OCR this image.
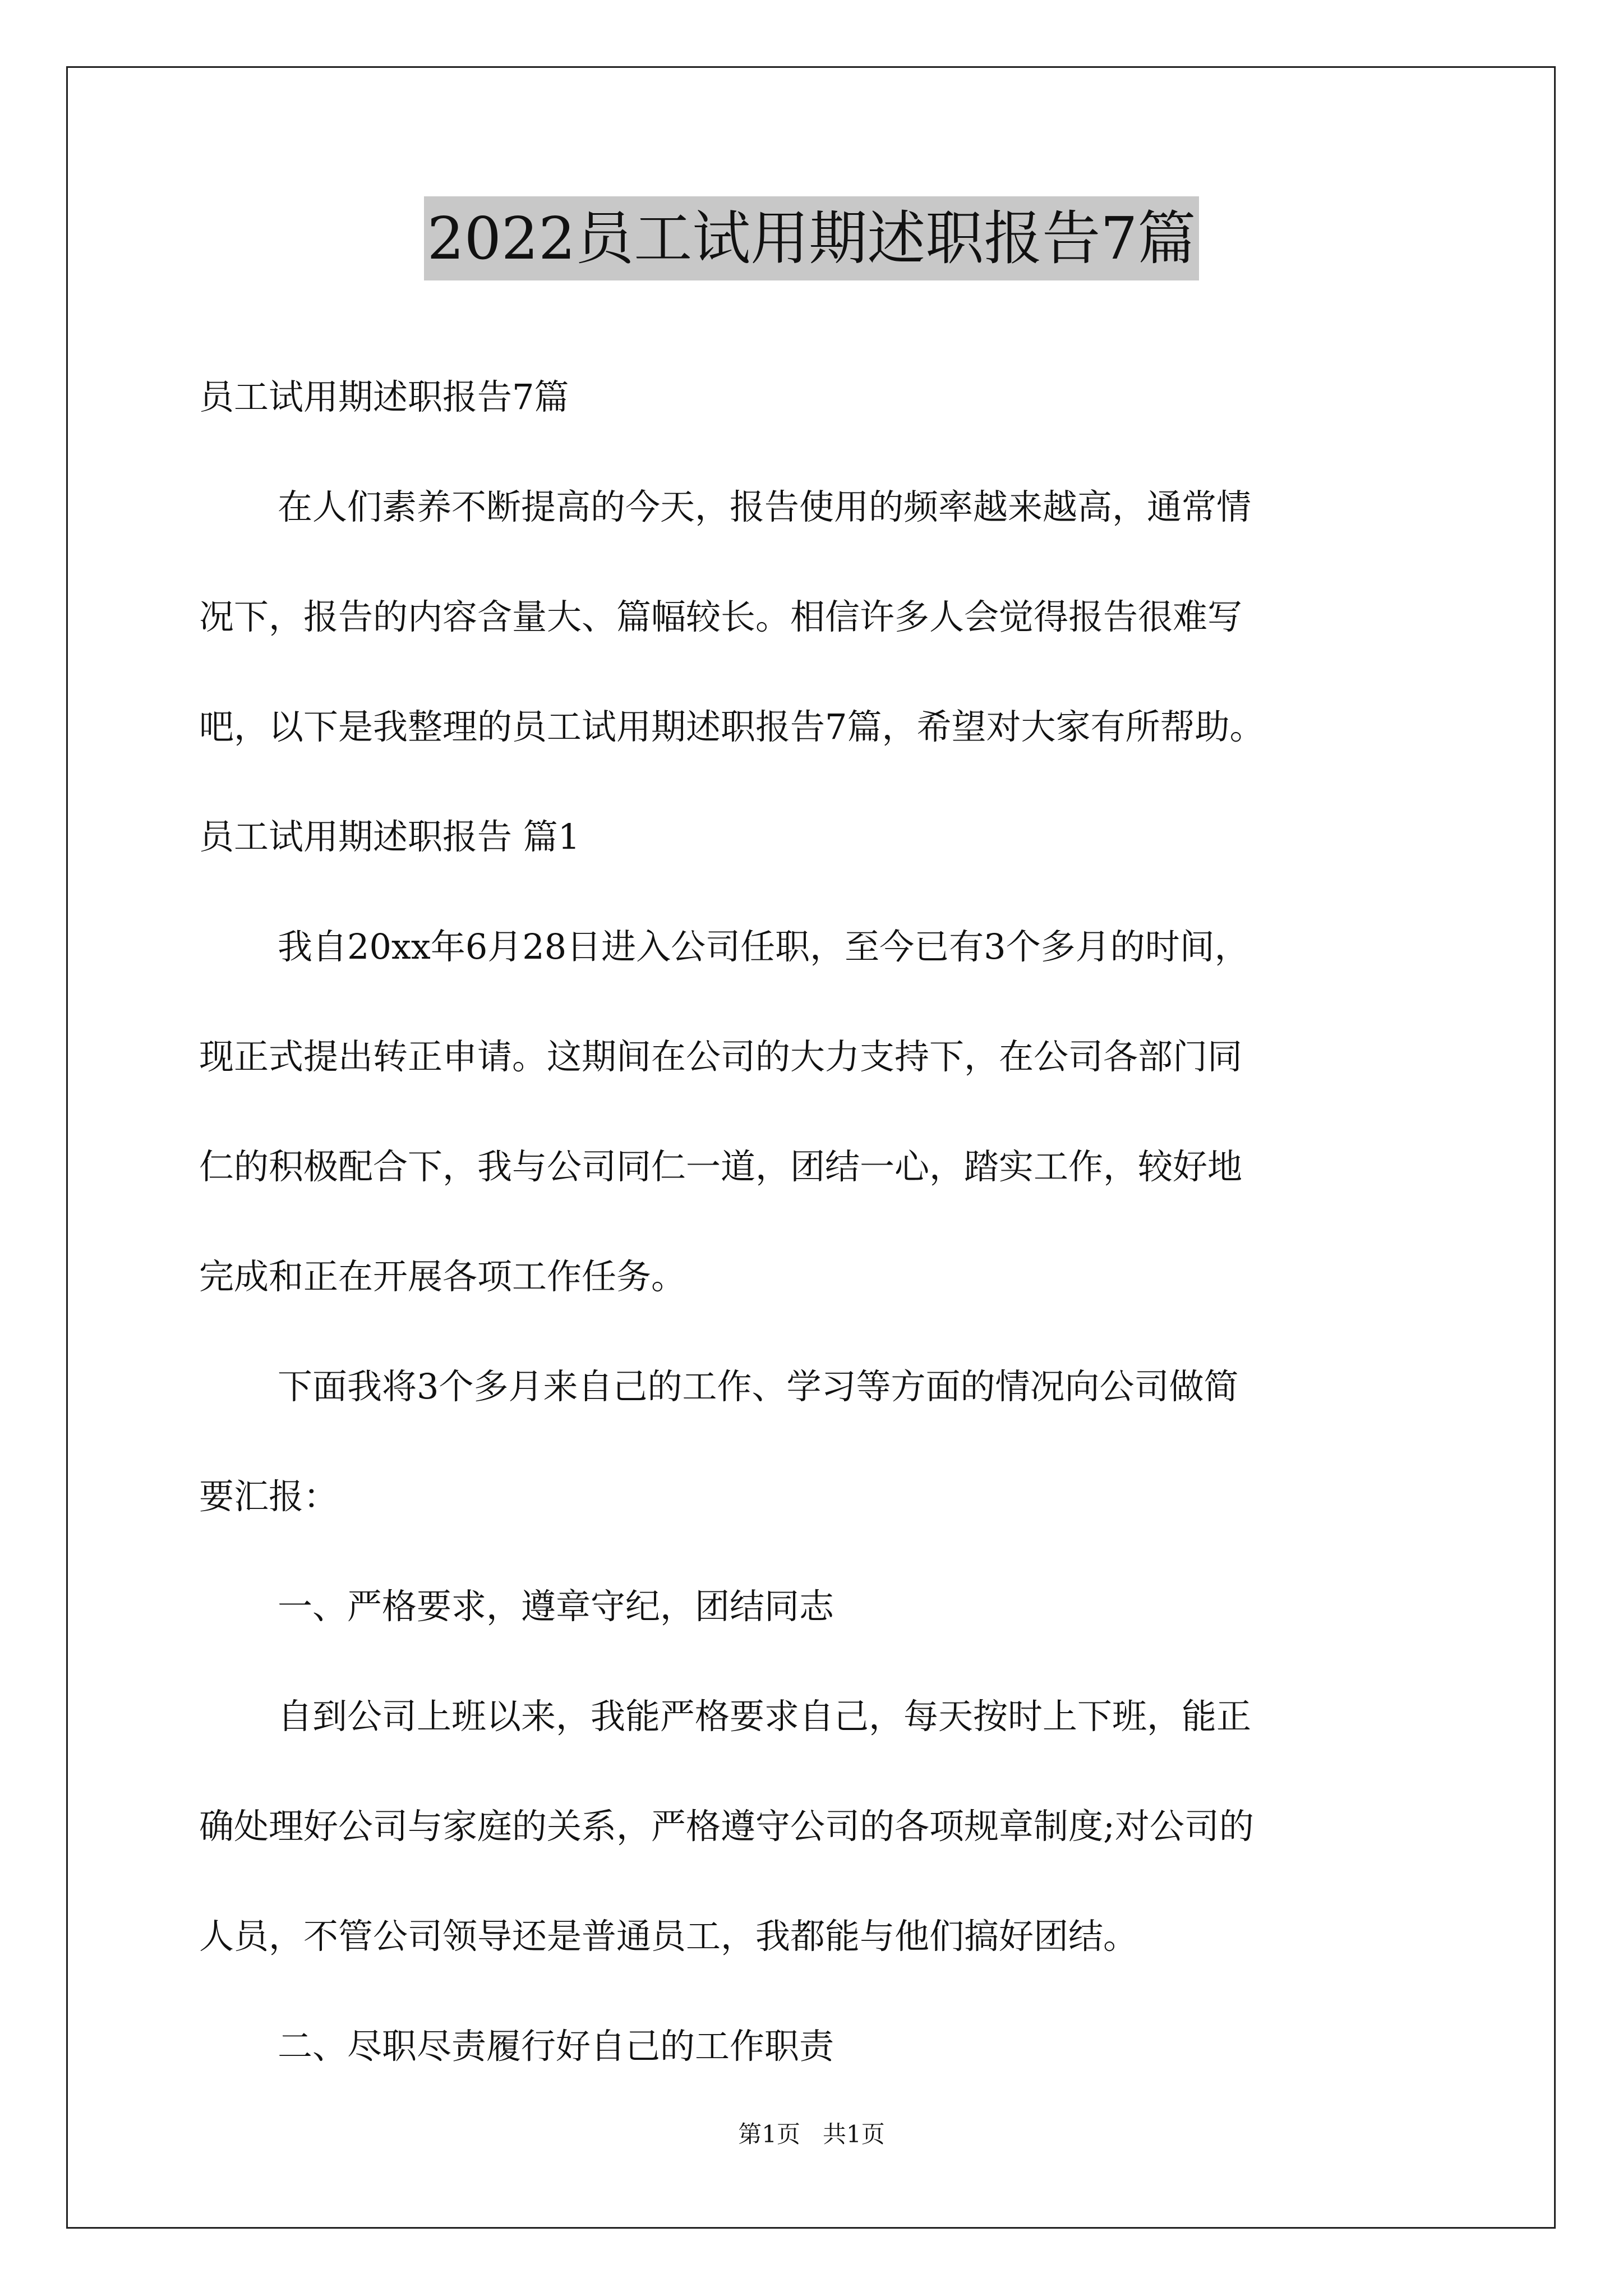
2022员工试用期述职报告7篇

员工试用期述职报告7篇

在人们素养不断提高的今天，报告使用的频率越来越高，通常情

况下，报告的内容含量大、篇幅较长。相信许多人会觉得报告很难写

吧，以下是我整理的员工试用期述职报告7篇，希望对大家有所帮助。

员工试用期述职报告 篇1

我自20xx年6月28日进入公司任职，至今已有3个多月的时间，

现正式提出转正申请。这期间在公司的大力支持下，在公司各部门同

仁的积极配合下，我与公司同仁一道，团结一心，踏实工作，较好地

完成和正在开展各项工作任务。

下面我将3个多月来自己的工作、学习等方面的情况向公司做简

要汇报：

一、严格要求，遵章守纪，团结同志

自到公司上班以来，我能严格要求自己，每天按时上下班，能正

确处理好公司与家庭的关系，严格遵守公司的各项规章制度;对公司的

人员，不管公司领导还是普通员工，我都能与他们搞好团结。

二、尽职尽责履行好自己的工作职责

第1页   共1页
